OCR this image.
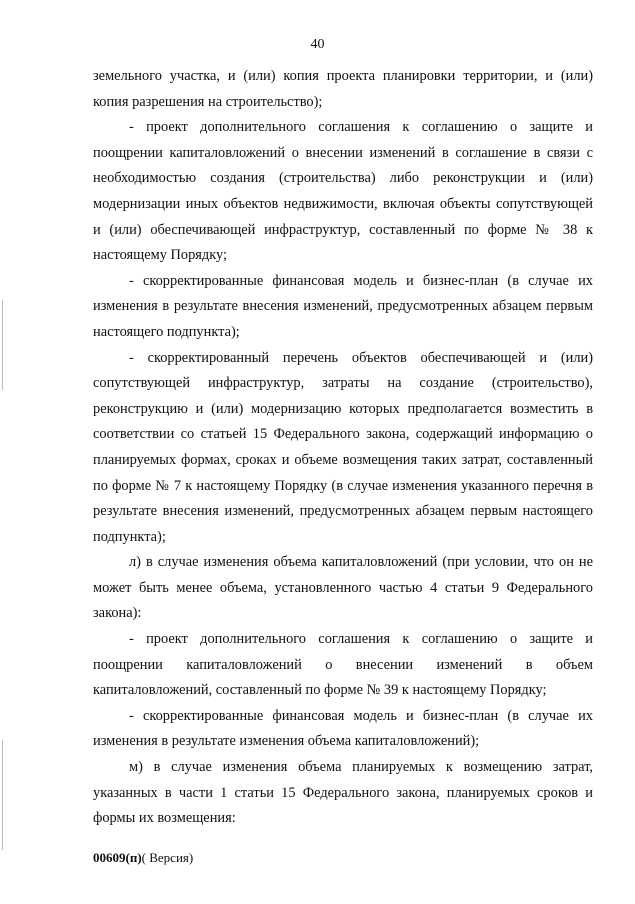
40

земельного участка, и (или) копия проекта планировки территории, и (или) копия разрешения на строительство);

- проект дополнительного соглашения к соглашению о защите и поощрении капиталовложений о внесении изменений в соглашение в связи с необходимостью создания (строительства) либо реконструкции и (или) модернизации иных объектов недвижимости, включая объекты сопутствующей и (или) обеспечивающей инфраструктур, составленный по форме № 38 к настоящему Порядку;

- скорректированные финансовая модель и бизнес-план (в случае их изменения в результате внесения изменений, предусмотренных абзацем первым настоящего подпункта);

- скорректированный перечень объектов обеспечивающей и (или) сопутствующей инфраструктур, затраты на создание (строительство), реконструкцию и (или) модернизацию которых предполагается возместить в соответствии со статьей 15 Федерального закона, содержащий информацию о планируемых формах, сроках и объеме возмещения таких затрат, составленный по форме № 7 к настоящему Порядку (в случае изменения указанного перечня в результате внесения изменений, предусмотренных абзацем первым настоящего подпункта);

л) в случае изменения объема капиталовложений (при условии, что он не может быть менее объема, установленного частью 4 статьи 9 Федерального закона):

- проект дополнительного соглашения к соглашению о защите и поощрении капиталовложений о внесении изменений в объем капиталовложений, составленный по форме № 39 к настоящему Порядку;

- скорректированные финансовая модель и бизнес-план (в случае их изменения в результате изменения объема капиталовложений);

м) в случае изменения объема планируемых к возмещению затрат, указанных в части 1 статьи 15 Федерального закона, планируемых сроков и формы их возмещения:

00609(п)( Версия)
